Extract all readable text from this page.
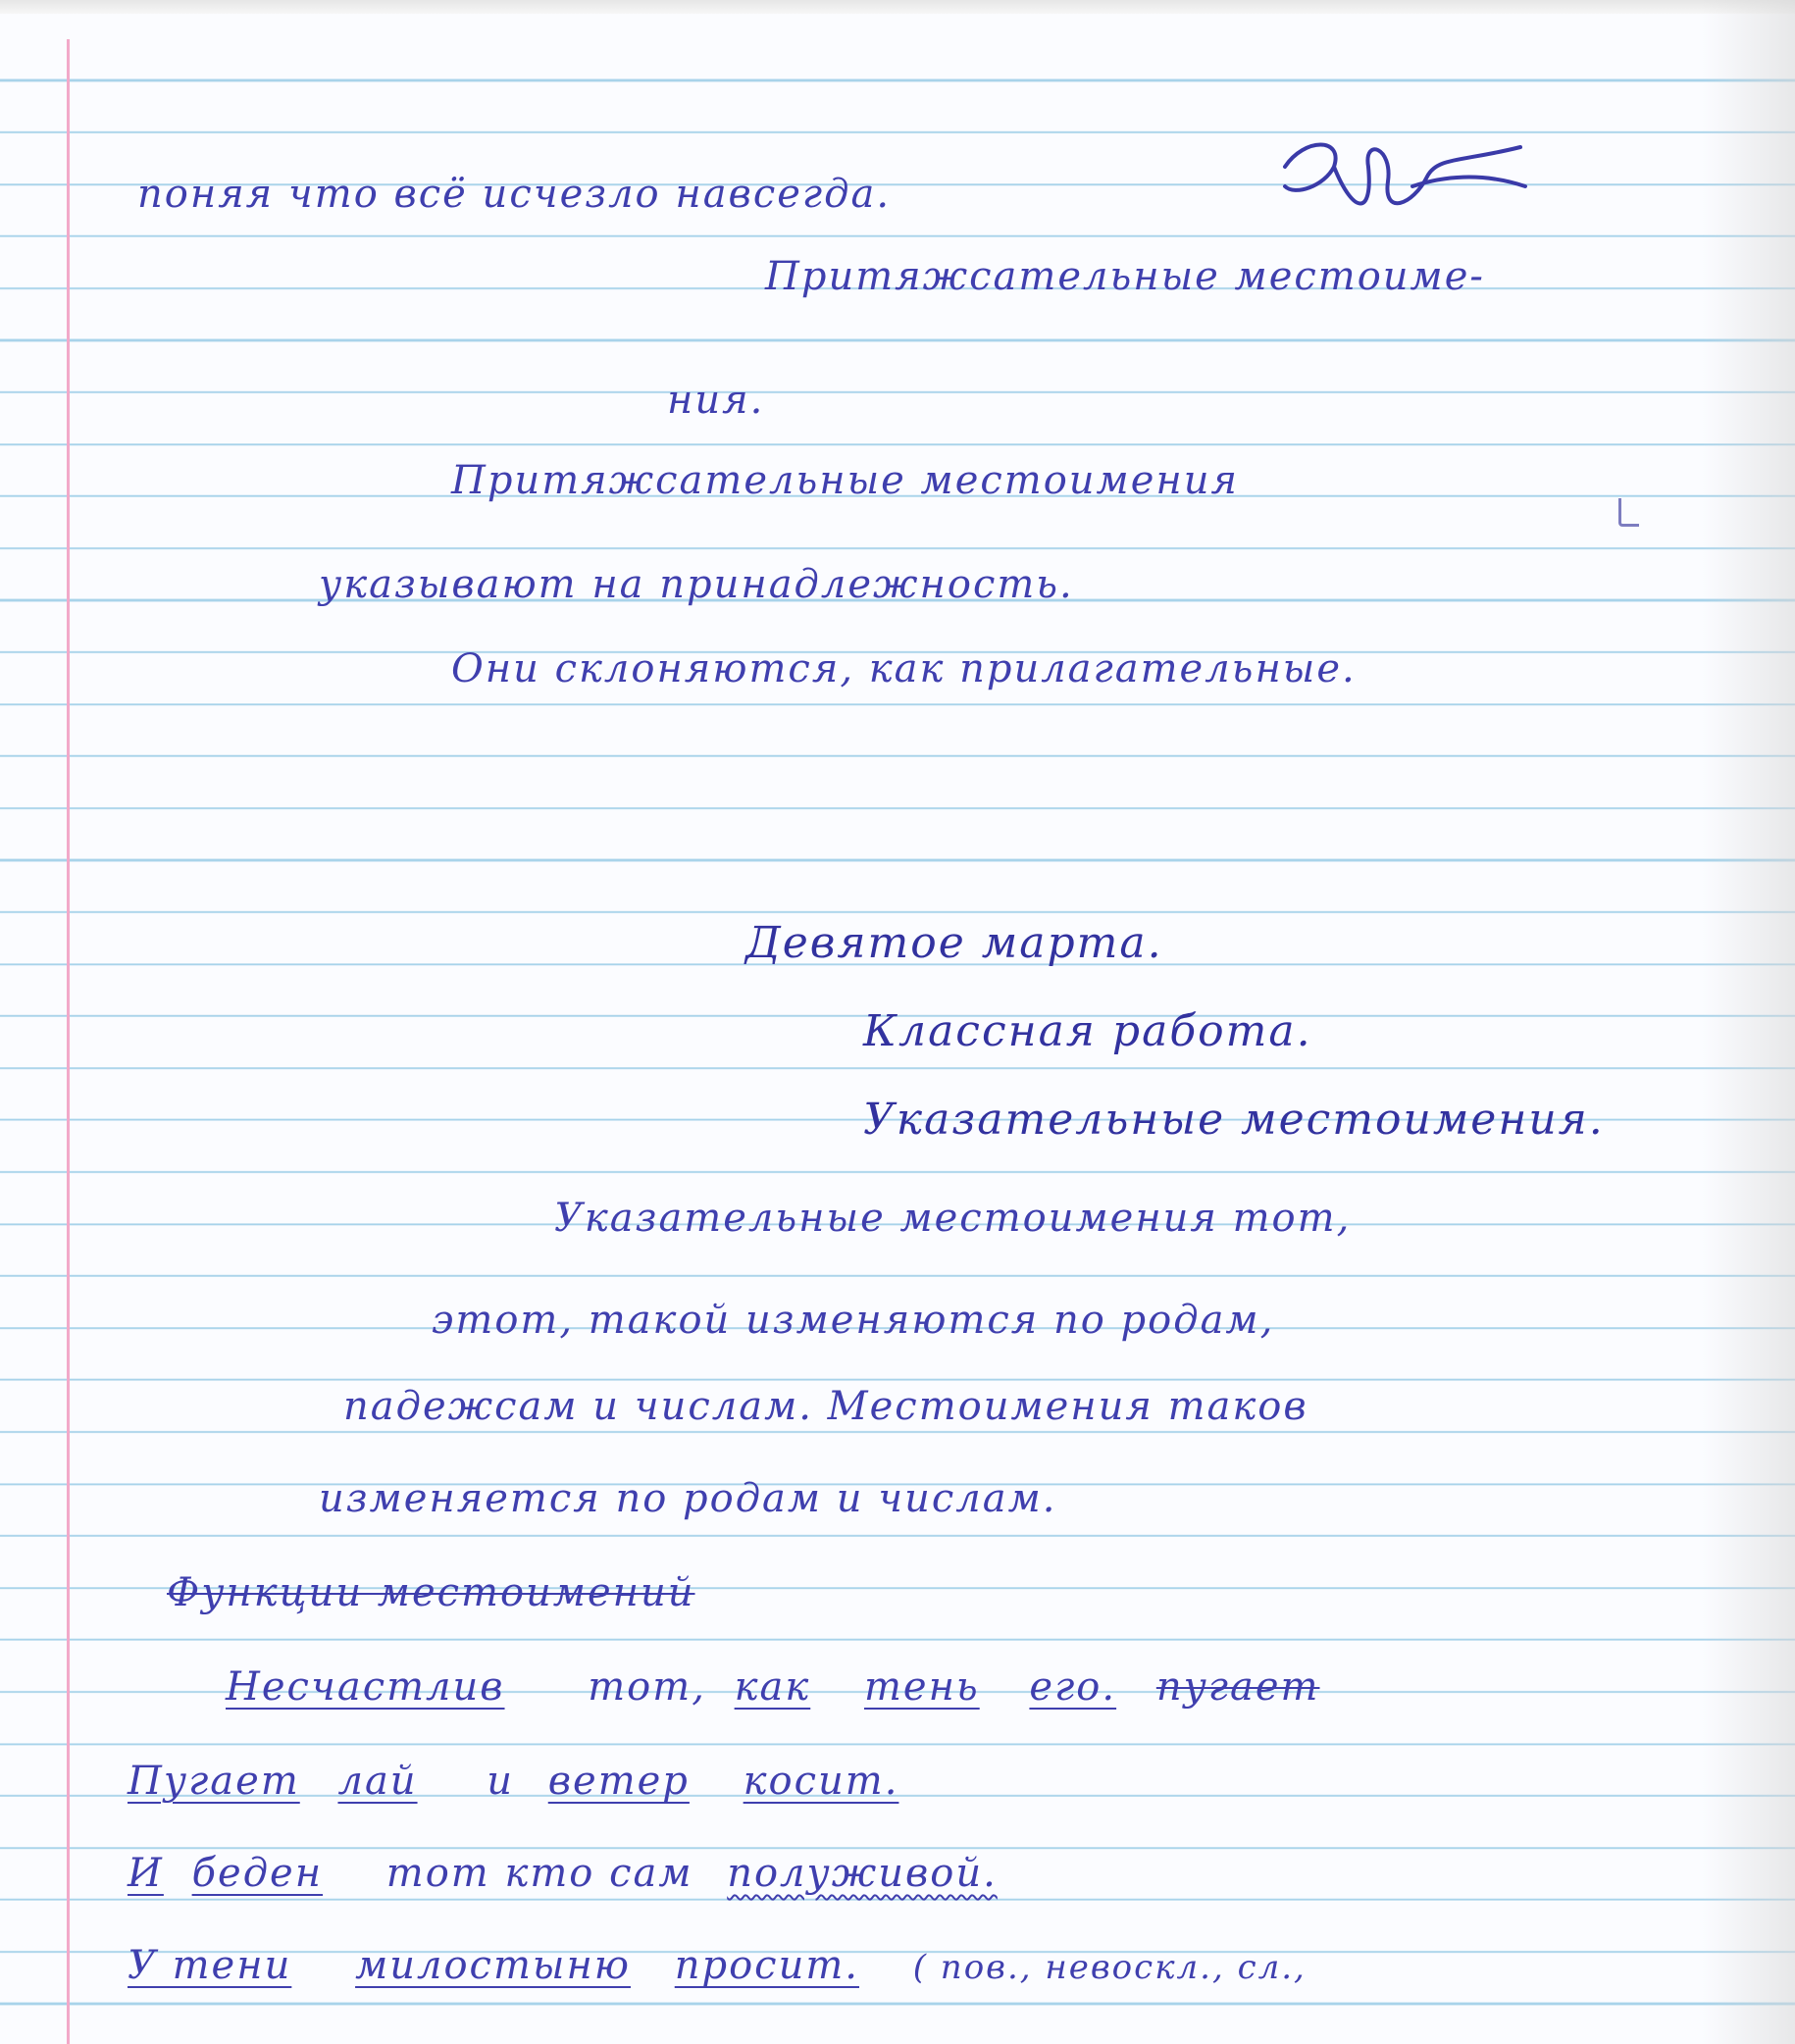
поняя что всё исчезло навсегда.
Притяжсательные местоиме-
ния.
Притяжсательные местоимения
указывают на принадлежность.
Они склоняются, как прилагательные.
Девятое марта.
Классная работа.
Указательные местоимения.
Указательные местоимения тот,
этот, такой изменяются по родам,
падежсам и числам. Местоимения таков
изменяется по родам и числам.
Функции местоимений
Несчастлив тот, как тень его. пугает
Пугает лай и ветер косит.
И беден тот кто сам полуживой.
У тени милостыню просит. ( пов., невоскл., сл.,
